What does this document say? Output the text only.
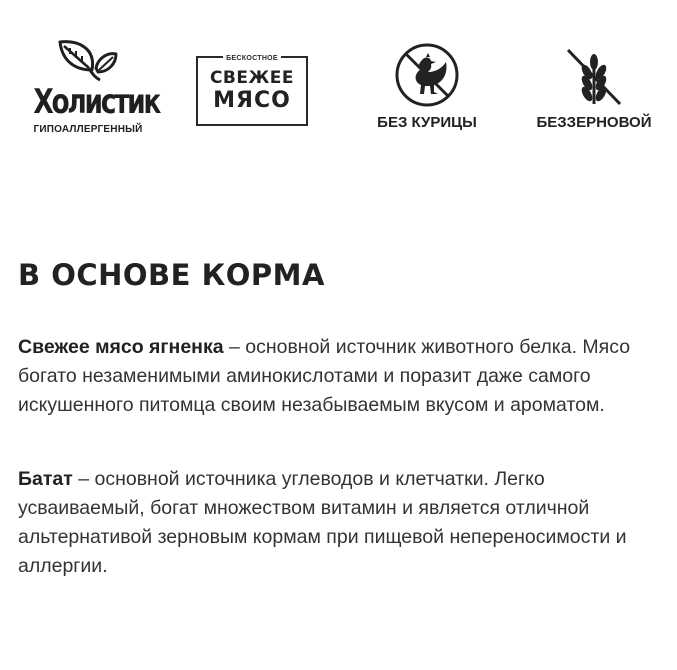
Холистик
ГИПОАЛЛЕРГЕННЫЙ
БЕСКОСТНОЕ
СВЕЖЕЕ
МЯСО
БЕЗ КУРИЦЫ	БЕЗЗЕРНОВОЙ
В ОСНОВЕ КОРМА

Свежее мясо ягненка – основной источник животного белка. Мясо богато незаменимыми аминокислотами и поразит даже самого искушенного питомца своим незабываемым вкусом и ароматом.

Батат – основной источника углеводов и клетчатки. Легко усваиваемый, богат множеством витамин и является отличной альтернативой зерновым кормам при пищевой непереносимости и аллергии.
